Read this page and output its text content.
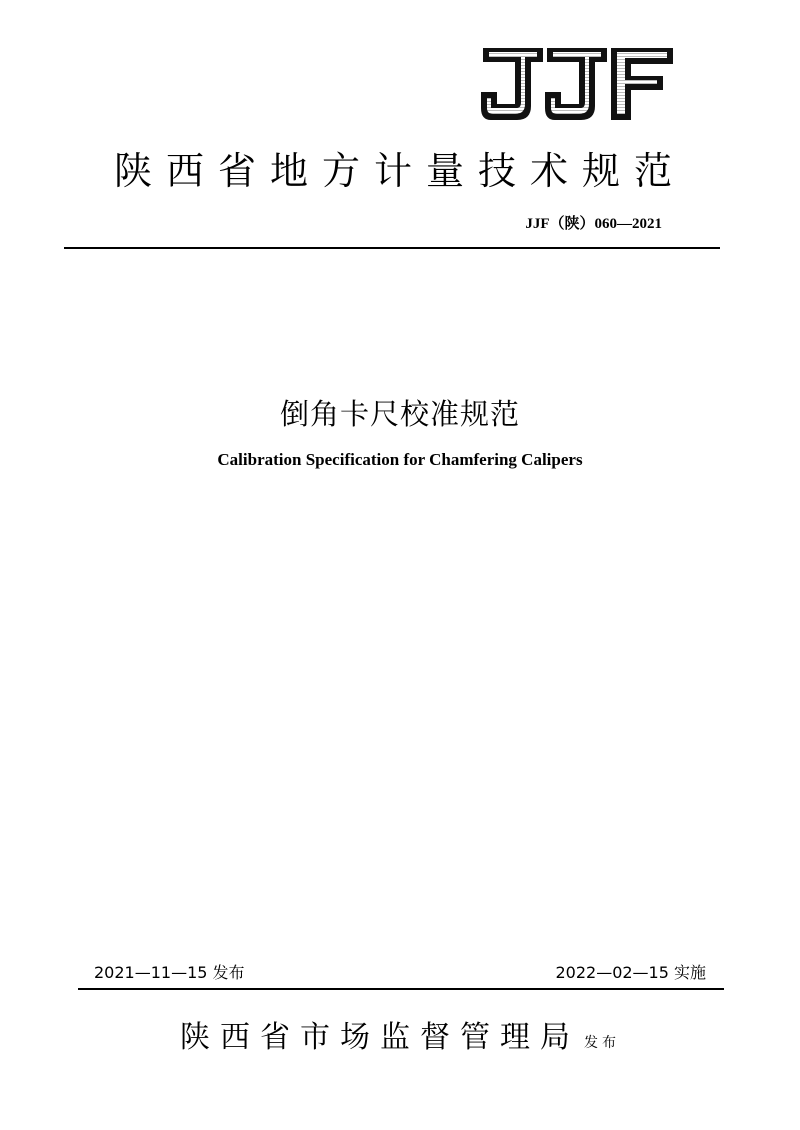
陕西省地方计量技术规范
JJF（陕）060—2021
倒角卡尺校准规范
Calibration Specification for Chamfering Calipers
2021—11—15 发布	2022—02—15 实施
陕西省市场监督管理局 发布
